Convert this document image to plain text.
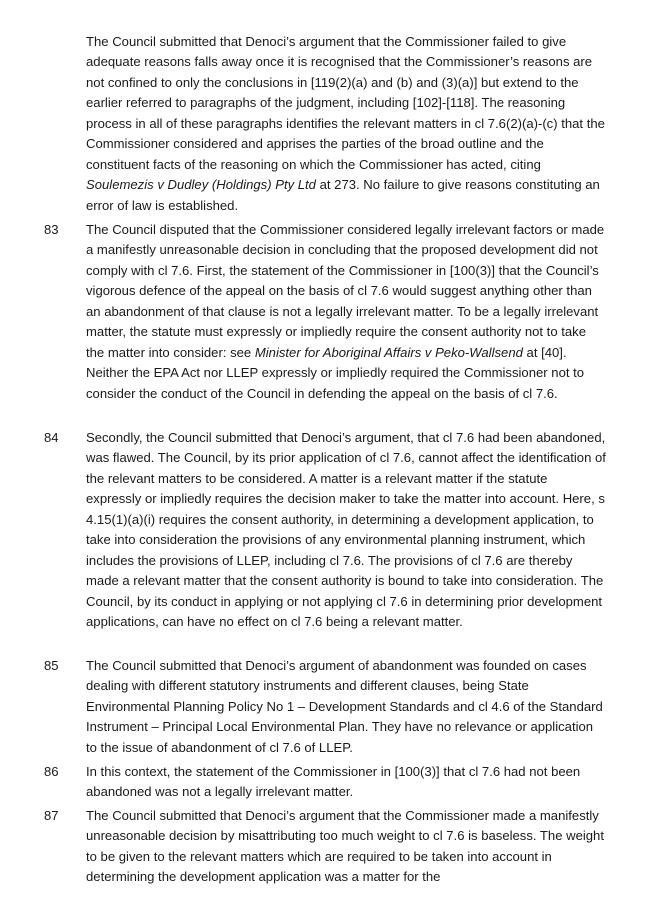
The Council submitted that Denoci’s argument that the Commissioner failed to give adequate reasons falls away once it is recognised that the Commissioner’s reasons are not confined to only the conclusions in [119(2)(a) and (b) and (3)(a)] but extend to the earlier referred to paragraphs of the judgment, including [102]-[118]. The reasoning process in all of these paragraphs identifies the relevant matters in cl 7.6(2)(a)-(c) that the Commissioner considered and apprises the parties of the broad outline and the constituent facts of the reasoning on which the Commissioner has acted, citing Soulemezis v Dudley (Holdings) Pty Ltd at 273. No failure to give reasons constituting an error of law is established.

83 The Council disputed that the Commissioner considered legally irrelevant factors or made a manifestly unreasonable decision in concluding that the proposed development did not comply with cl 7.6. First, the statement of the Commissioner in [100(3)] that the Council’s vigorous defence of the appeal on the basis of cl 7.6 would suggest anything other than an abandonment of that clause is not a legally irrelevant matter. To be a legally irrelevant matter, the statute must expressly or impliedly require the consent authority not to take the matter into consider: see Minister for Aboriginal Affairs v Peko-Wallsend at [40]. Neither the EPA Act nor LLEP expressly or impliedly required the Commissioner not to consider the conduct of the Council in defending the appeal on the basis of cl 7.6.

84 Secondly, the Council submitted that Denoci’s argument, that cl 7.6 had been abandoned, was flawed. The Council, by its prior application of cl 7.6, cannot affect the identification of the relevant matters to be considered. A matter is a relevant matter if the statute expressly or impliedly requires the decision maker to take the matter into account. Here, s 4.15(1)(a)(i) requires the consent authority, in determining a development application, to take into consideration the provisions of any environmental planning instrument, which includes the provisions of LLEP, including cl 7.6. The provisions of cl 7.6 are thereby made a relevant matter that the consent authority is bound to take into consideration. The Council, by its conduct in applying or not applying cl 7.6 in determining prior development applications, can have no effect on cl 7.6 being a relevant matter.

85 The Council submitted that Denoci’s argument of abandonment was founded on cases dealing with different statutory instruments and different clauses, being State Environmental Planning Policy No 1 – Development Standards and cl 4.6 of the Standard Instrument – Principal Local Environmental Plan. They have no relevance or application to the issue of abandonment of cl 7.6 of LLEP.

86 In this context, the statement of the Commissioner in [100(3)] that cl 7.6 had not been abandoned was not a legally irrelevant matter.

87 The Council submitted that Denoci’s argument that the Commissioner made a manifestly unreasonable decision by misattributing too much weight to cl 7.6 is baseless. The weight to be given to the relevant matters which are required to be taken into account in determining the development application was a matter for the
